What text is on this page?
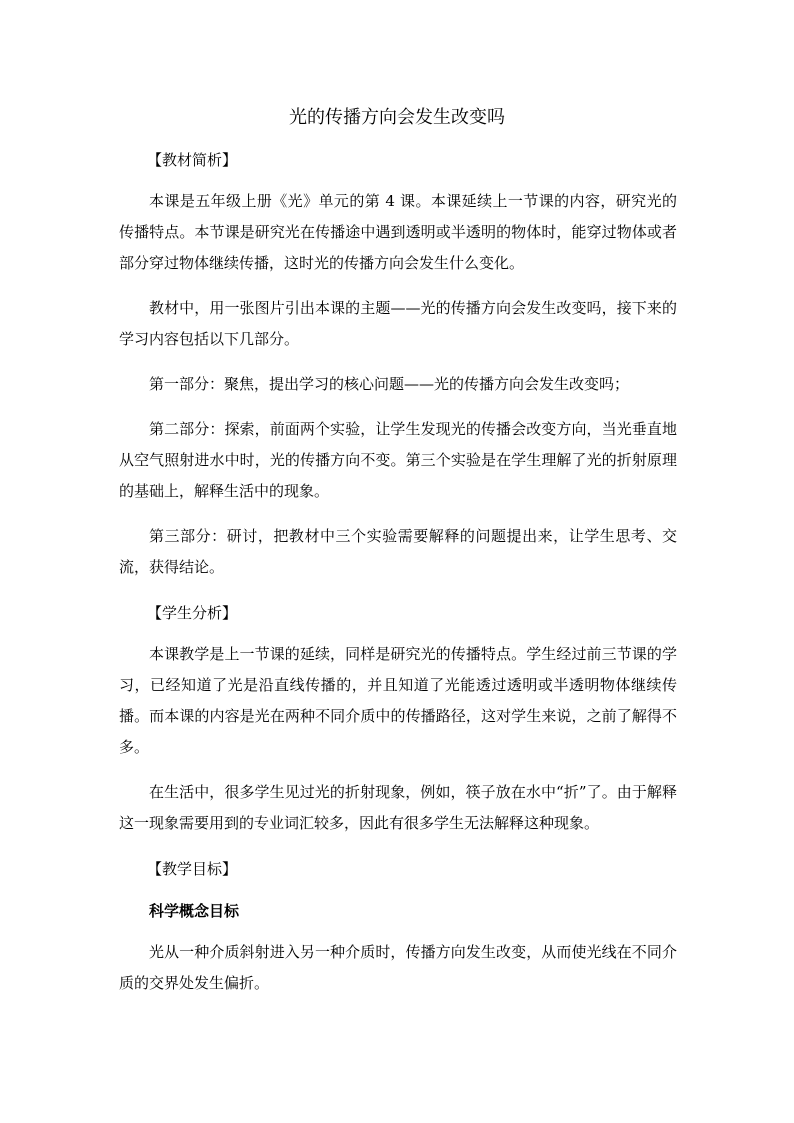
光的传播方向会发生改变吗
【教材简析】
本课是五年级上册《光》单元的第 4 课。本课延续上一节课的内容，研究光的传播特点。本节课是研究光在传播途中遇到透明或半透明的物体时，能穿过物体或者部分穿过物体继续传播，这时光的传播方向会发生什么变化。
教材中，用一张图片引出本课的主题——光的传播方向会发生改变吗，接下来的学习内容包括以下几部分。
第一部分：聚焦，提出学习的核心问题——光的传播方向会发生改变吗；
第二部分：探索，前面两个实验，让学生发现光的传播会改变方向，当光垂直地从空气照射进水中时，光的传播方向不变。第三个实验是在学生理解了光的折射原理的基础上，解释生活中的现象。
第三部分：研讨，把教材中三个实验需要解释的问题提出来，让学生思考、交流，获得结论。
【学生分析】
本课教学是上一节课的延续，同样是研究光的传播特点。学生经过前三节课的学习，已经知道了光是沿直线传播的，并且知道了光能透过透明或半透明物体继续传播。而本课的内容是光在两种不同介质中的传播路径，这对学生来说，之前了解得不多。
在生活中，很多学生见过光的折射现象，例如，筷子放在水中“折”了。由于解释这一现象需要用到的专业词汇较多，因此有很多学生无法解释这种现象。
【教学目标】
科学概念目标
光从一种介质斜射进入另一种介质时，传播方向发生改变，从而使光线在不同介质的交界处发生偏折。
